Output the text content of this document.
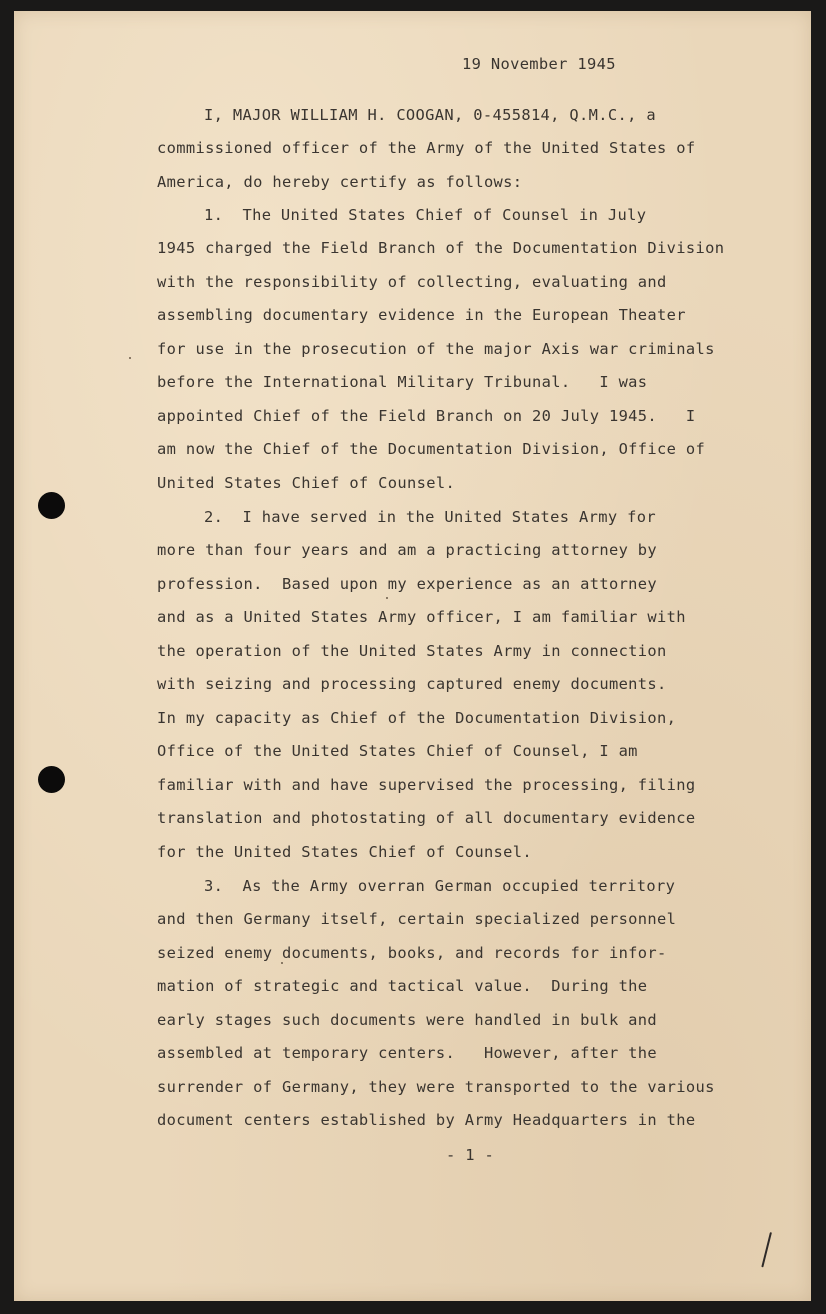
19 November 1945

I, MAJOR WILLIAM H. COOGAN, 0-455814, Q.M.C., a

commissioned officer of the Army of the United States of

America, do hereby certify as follows:

1.  The United States Chief of Counsel in July

1945 charged the Field Branch of the Documentation Division

with the responsibility of collecting, evaluating and

assembling documentary evidence in the European Theater

for use in the prosecution of the major Axis war criminals

before the International Military Tribunal.   I was

appointed Chief of the Field Branch on 20 July 1945.   I

am now the Chief of the Documentation Division, Office of

United States Chief of Counsel.

2.  I have served in the United States Army for

more than four years and am a practicing attorney by

profession.  Based upon my experience as an attorney

and as a United States Army officer, I am familiar with

the operation of the United States Army in connection

with seizing and processing captured enemy documents.

In my capacity as Chief of the Documentation Division,

Office of the United States Chief of Counsel, I am

familiar with and have supervised the processing, filing

translation and photostating of all documentary evidence

for the United States Chief of Counsel.

3.  As the Army overran German occupied territory

and then Germany itself, certain specialized personnel

seized enemy documents, books, and records for infor-

mation of strategic and tactical value.  During the

early stages such documents were handled in bulk and

assembled at temporary centers.   However, after the

surrender of Germany, they were transported to the various

document centers established by Army Headquarters in the

- 1 -
